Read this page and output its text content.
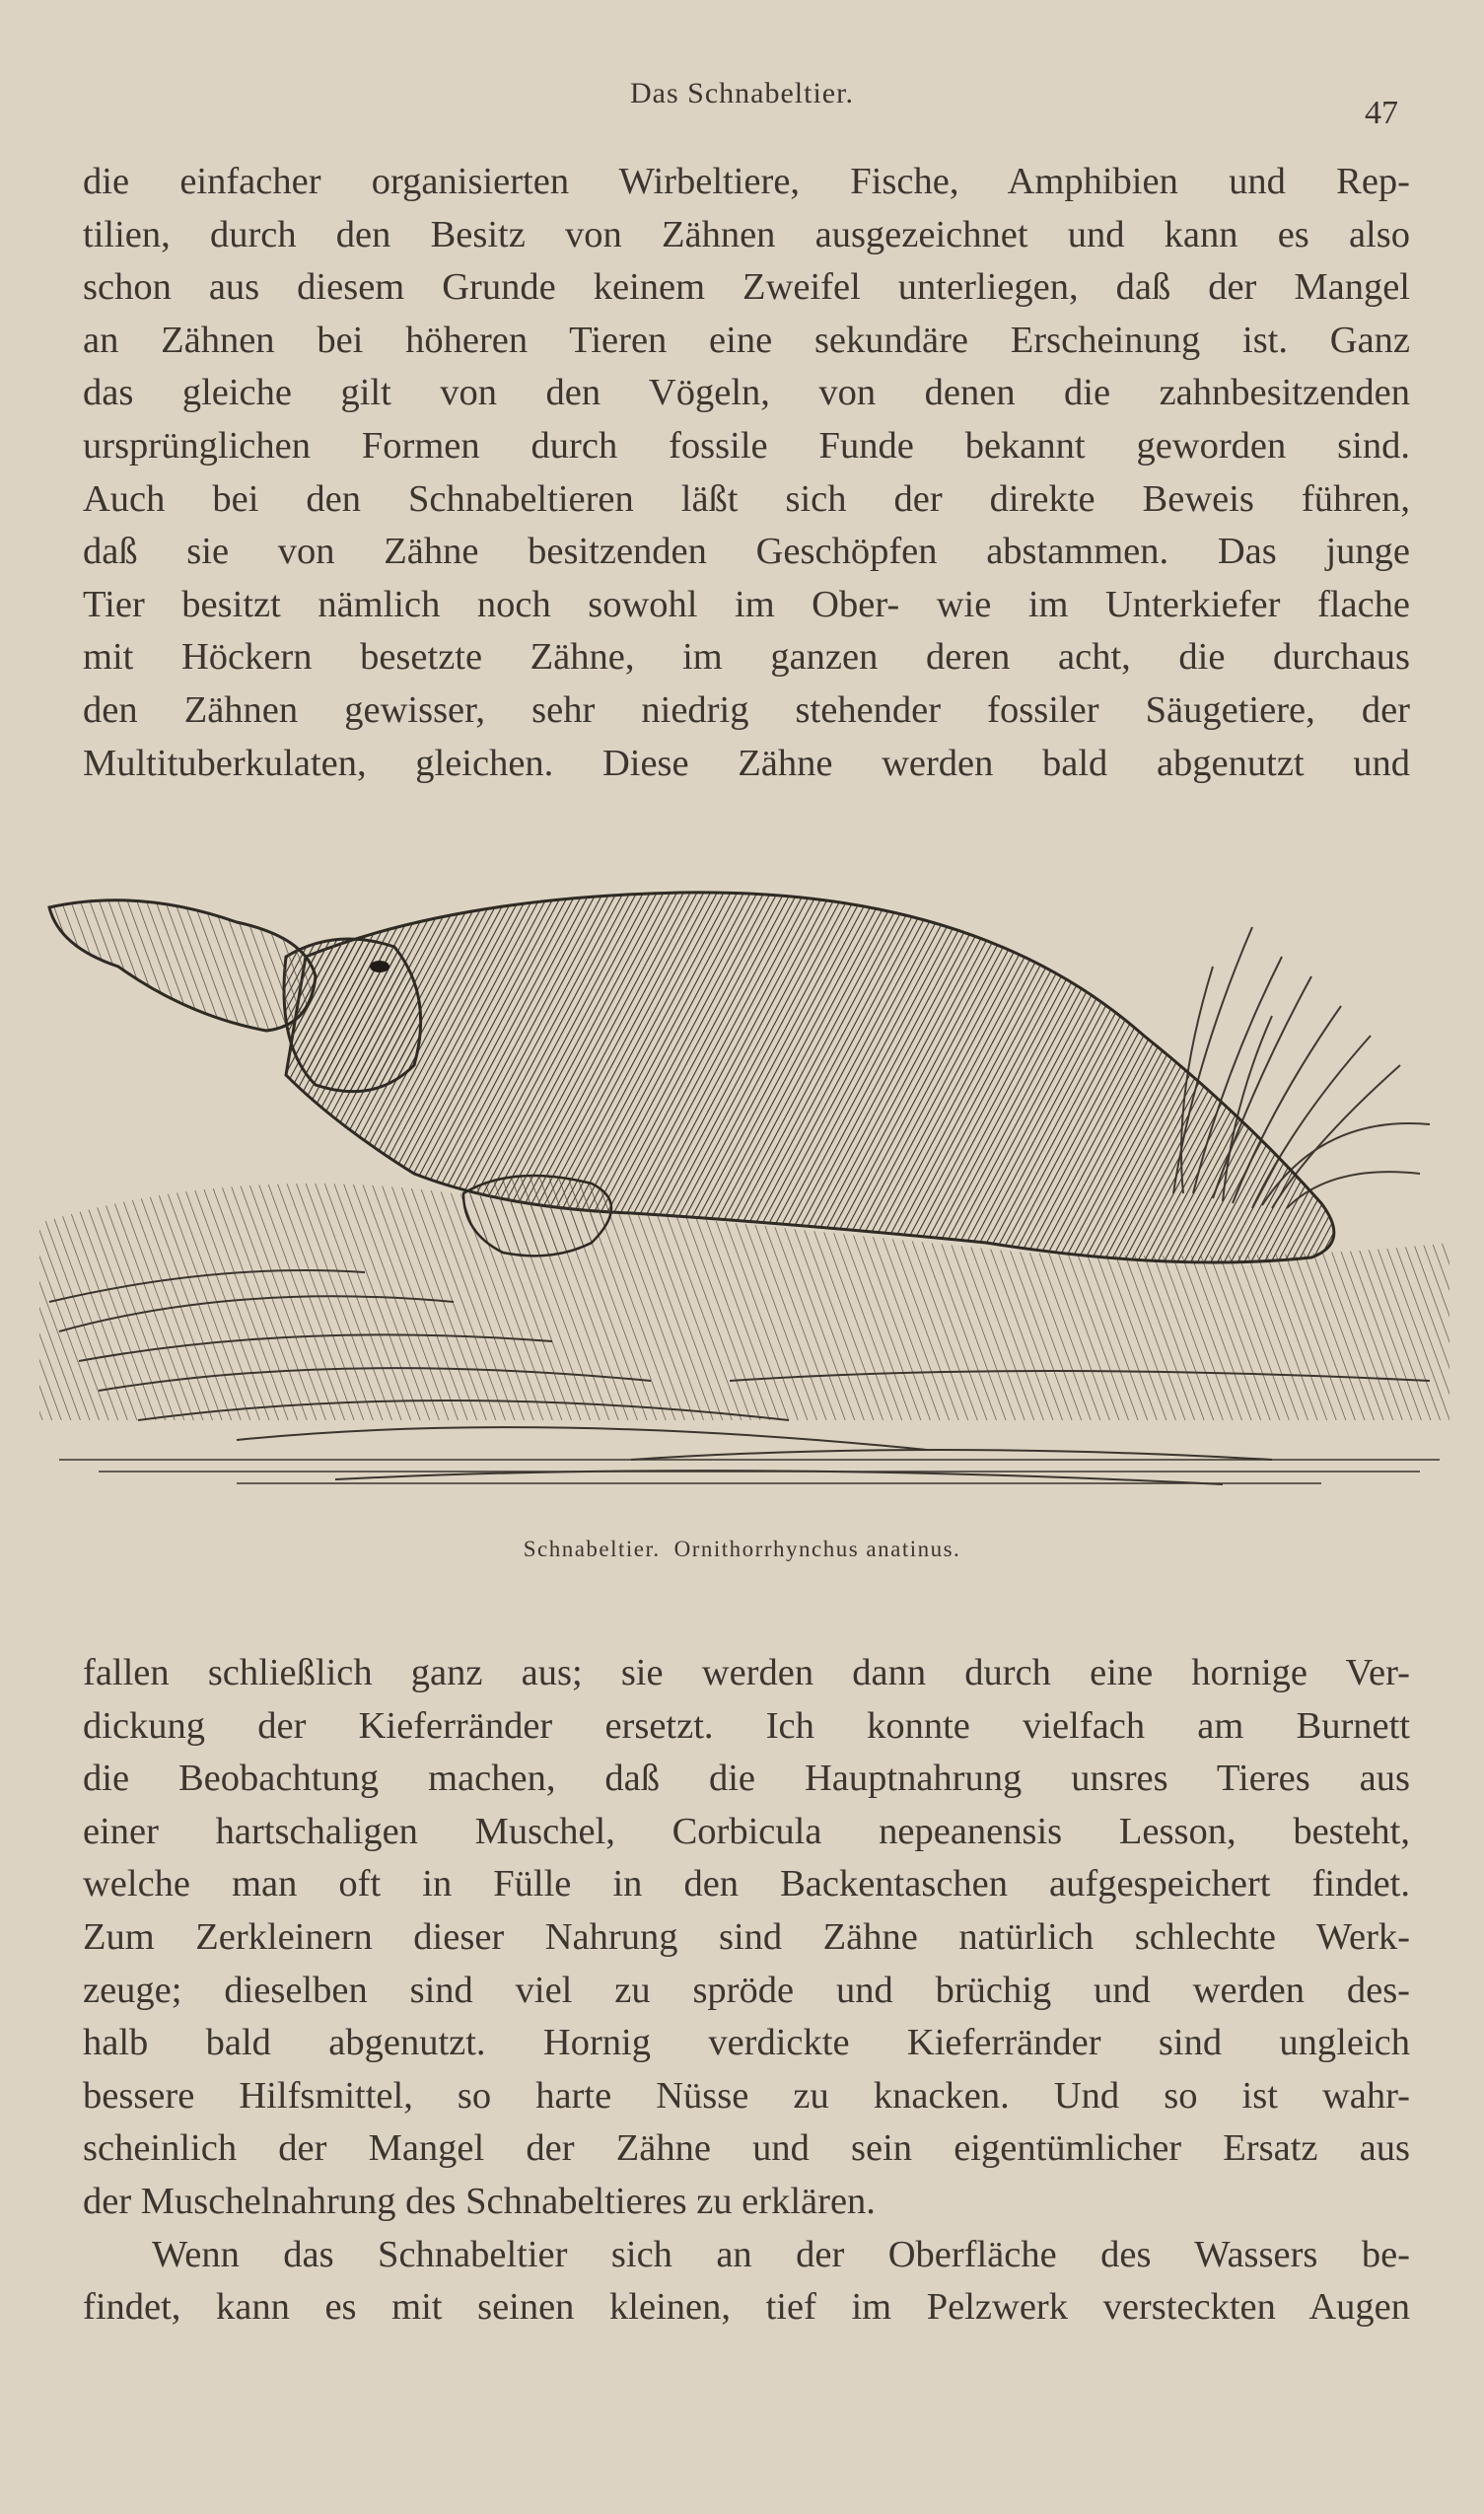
Das Schnabeltier.
47
die einfacher organisierten Wirbeltiere, Fische, Amphibien und Rep-
tilien, durch den Besitz von Zähnen ausgezeichnet und kann es also
schon aus diesem Grunde keinem Zweifel unterliegen, daß der Mangel
an Zähnen bei höheren Tieren eine sekundäre Erscheinung ist. Ganz
das gleiche gilt von den Vögeln, von denen die zahnbesitzenden
ursprünglichen Formen durch fossile Funde bekannt geworden sind.
Auch bei den Schnabeltieren läßt sich der direkte Beweis führen,
daß sie von Zähne besitzenden Geschöpfen abstammen. Das junge
Tier besitzt nämlich noch sowohl im Ober- wie im Unterkiefer flache
mit Höckern besetzte Zähne, im ganzen deren acht, die durchaus
den Zähnen gewisser, sehr niedrig stehender fossiler Säugetiere, der
Multituberkulaten, gleichen. Diese Zähne werden bald abgenutzt und
Schnabeltier. Ornithorrhynchus anatinus.
fallen schließlich ganz aus; sie werden dann durch eine hornige Ver-
dickung der Kieferränder ersetzt. Ich konnte vielfach am Burnett
die Beobachtung machen, daß die Hauptnahrung unsres Tieres aus
einer hartschaligen Muschel, Corbicula nepeanensis Lesson, besteht,
welche man oft in Fülle in den Backentaschen aufgespeichert findet.
Zum Zerkleinern dieser Nahrung sind Zähne natürlich schlechte Werk-
zeuge; dieselben sind viel zu spröde und brüchig und werden des-
halb bald abgenutzt. Hornig verdickte Kieferränder sind ungleich
bessere Hilfsmittel, so harte Nüsse zu knacken. Und so ist wahr-
scheinlich der Mangel der Zähne und sein eigentümlicher Ersatz aus
der Muschelnahrung des Schnabeltieres zu erklären.
Wenn das Schnabeltier sich an der Oberfläche des Wassers be-
findet, kann es mit seinen kleinen, tief im Pelzwerk versteckten Augen
